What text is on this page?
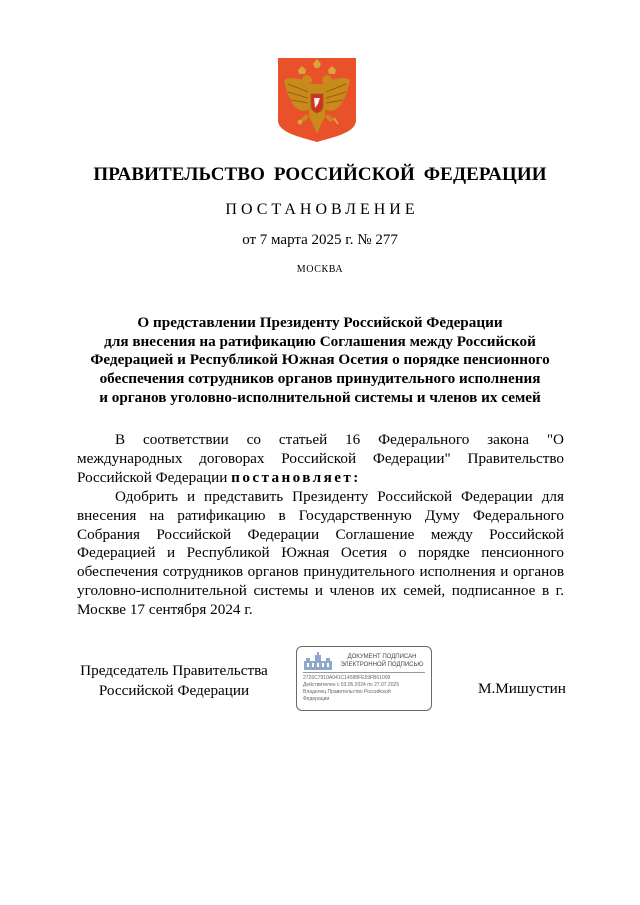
ПРАВИТЕЛЬСТВО РОССИЙСКОЙ ФЕДЕРАЦИИ
ПОСТАНОВЛЕНИЕ
от 7 марта 2025 г. № 277
МОСКВА
О представлении Президенту Российской Федерации
для внесения на ратификацию Соглашения между Российской
Федерацией и Республикой Южная Осетия о порядке пенсионного
обеспечения сотрудников органов принудительного исполнения
и органов уголовно-исполнительной системы и членов их семей

В соответствии со статьей 16 Федерального закона "О международных договорах Российской Федерации" Правительство Российской Федерации постановляет:

Одобрить и представить Президенту Российской Федерации для внесения на ратификацию в Государственную Думу Федерального Собрания Российской Федерации Соглашение между Российской Федерацией и Республикой Южная Осетия о порядке пенсионного обеспечения сотрудников органов принудительного исполнения и органов уголовно-исполнительной системы и членов их семей, подписанное в г. Москве 17 сентября 2024 г.

Председатель Правительства
Российской Федерации
ДОКУМЕНТ ПОДПИСАН
ЭЛЕКТРОННОЙ ПОДПИСЬЮ
2726C7910A041C14588FE59FB61009
Действителен с 03.05.2024 по 27.07.2025
Владелец Правительство Российской
Федерации
М.Мишустин
